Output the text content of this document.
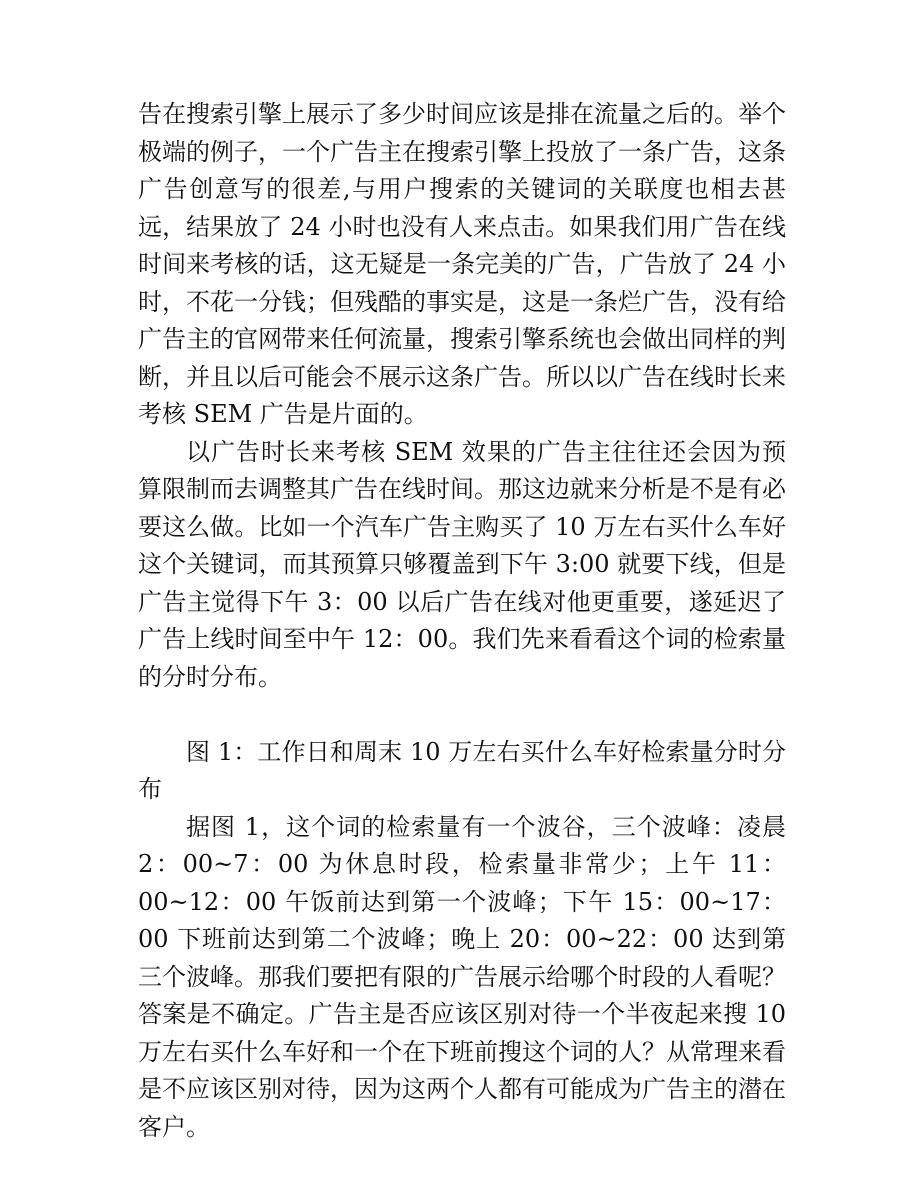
告在搜索引擎上展示了多少时间应该是排在流量之后的。举个极端的例子，一个广告主在搜索引擎上投放了一条广告，这条广告创意写的很差,与用户搜索的关键词的关联度也相去甚远，结果放了 24 小时也没有人来点击。如果我们用广告在线时间来考核的话，这无疑是一条完美的广告，广告放了 24 小时，不花一分钱；但残酷的事实是，这是一条烂广告，没有给广告主的官网带来任何流量，搜索引擎系统也会做出同样的判断，并且以后可能会不展示这条广告。所以以广告在线时长来考核 SEM 广告是片面的。

以广告时长来考核 SEM 效果的广告主往往还会因为预算限制而去调整其广告在线时间。那这边就来分析是不是有必要这么做。比如一个汽车广告主购买了 10 万左右买什么车好这个关键词，而其预算只够覆盖到下午 3:00 就要下线，但是广告主觉得下午 3：00 以后广告在线对他更重要，遂延迟了广告上线时间至中午 12：00。我们先来看看这个词的检索量的分时分布。

图 1：工作日和周末 10 万左右买什么车好检索量分时分布

据图 1，这个词的检索量有一个波谷，三个波峰：凌晨 2：00~7：00 为休息时段，检索量非常少；上午 11：00~12：00 午饭前达到第一个波峰；下午 15：00~17：00 下班前达到第二个波峰；晚上 20：00~22：00 达到第三个波峰。那我们要把有限的广告展示给哪个时段的人看呢？答案是不确定。广告主是否应该区别对待一个半夜起来搜 10 万左右买什么车好和一个在下班前搜这个词的人？从常理来看是不应该区别对待，因为这两个人都有可能成为广告主的潜在客户。
